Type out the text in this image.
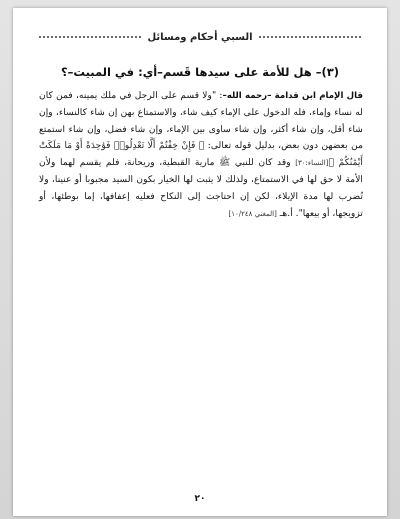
السبي أحكام ومسائل
(٣)– هل للأمة على سيدها قَسم–أي: في المبيت–؟
قال الإمام ابن قدامة –رحمه الله–: "ولا قسم على الرجل في ملك يمينه، فمن كان له نساء وإماء، فله الدخول على الإماء كيف شاء، والاستمتاع بهن إن شاء كالنساء، وإن شاء أقل، وإن شاء أكثر، وإن شاء ساوى بين الإماء، وإن شاء فضل، وإن شاء استمتع من بعضهن دون بعض، بدليل قوله تعالى: ﴿ فَإِنْ خِفْتُمْ أَلَّا تَعْدِلُوا۟ فَوَٰحِدَةً أَوْ مَا مَلَكَتْ أَيْمَٰنُكُمْ ﴾[النساء:٣٠] وقد كان للنبي ﷺ مارية القبطية، وريحانة، فلم يقسم لهما ولأن الأمة لا حق لها في الاستمتاع، ولذلك لا يثبت لها الخيار بكون السيد مجبوبا أو عنينا، ولا تُضرب لها مدة الإيلاء، لكن إن احتاجت إلى النكاح فعليه إعفافها، إما بوطئها، أو تزويجها، أو بيعها". أ.هـ [المغني ١٠/٢٤٨]
٢٠
